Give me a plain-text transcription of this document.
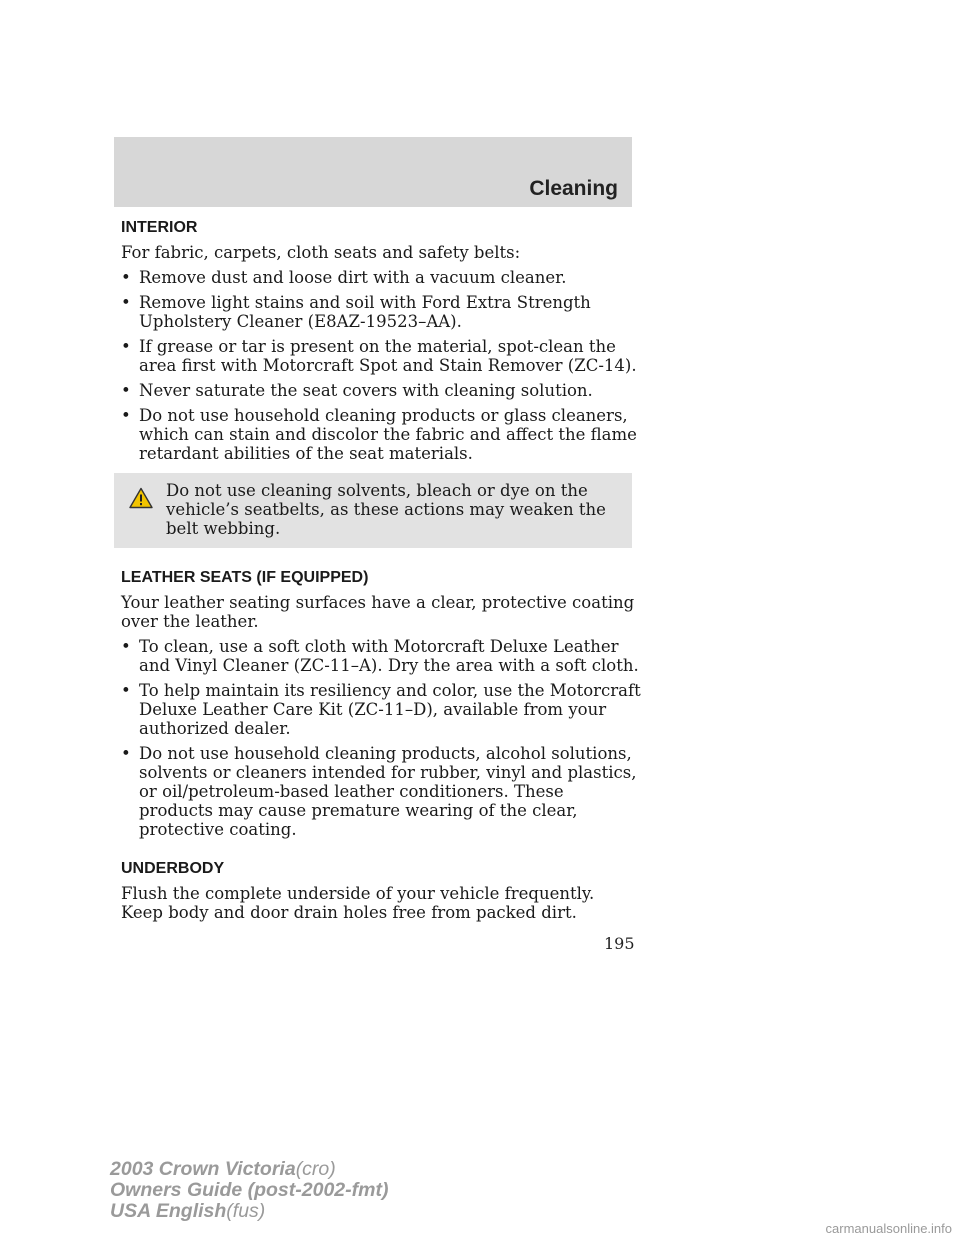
Cleaning
INTERIOR

For fabric, carpets, cloth seats and safety belts:

• Remove dust and loose dirt with a vacuum cleaner.
• Remove light stains and soil with Ford Extra Strength Upholstery Cleaner (E8AZ-19523–AA).
• If grease or tar is present on the material, spot-clean the area first with Motorcraft Spot and Stain Remover (ZC-14).
• Never saturate the seat covers with cleaning solution.
• Do not use household cleaning products or glass cleaners, which can stain and discolor the fabric and affect the flame retardant abilities of the seat materials.
Do not use cleaning solvents, bleach or dye on the vehicle’s seatbelts, as these actions may weaken the belt webbing.
LEATHER SEATS (IF EQUIPPED)

Your leather seating surfaces have a clear, protective coating over the leather.

• To clean, use a soft cloth with Motorcraft Deluxe Leather and Vinyl Cleaner (ZC-11–A). Dry the area with a soft cloth.
• To help maintain its resiliency and color, use the Motorcraft Deluxe Leather Care Kit (ZC-11–D), available from your authorized dealer.
• Do not use household cleaning products, alcohol solutions, solvents or cleaners intended for rubber, vinyl and plastics, or oil/petroleum-based leather conditioners. These products may cause premature wearing of the clear, protective coating.
UNDERBODY

Flush the complete underside of your vehicle frequently. Keep body and door drain holes free from packed dirt.

195
2003 Crown Victoria(cro)
Owners Guide (post-2002-fmt)
USA English(fus)
carmanualsonline.info
